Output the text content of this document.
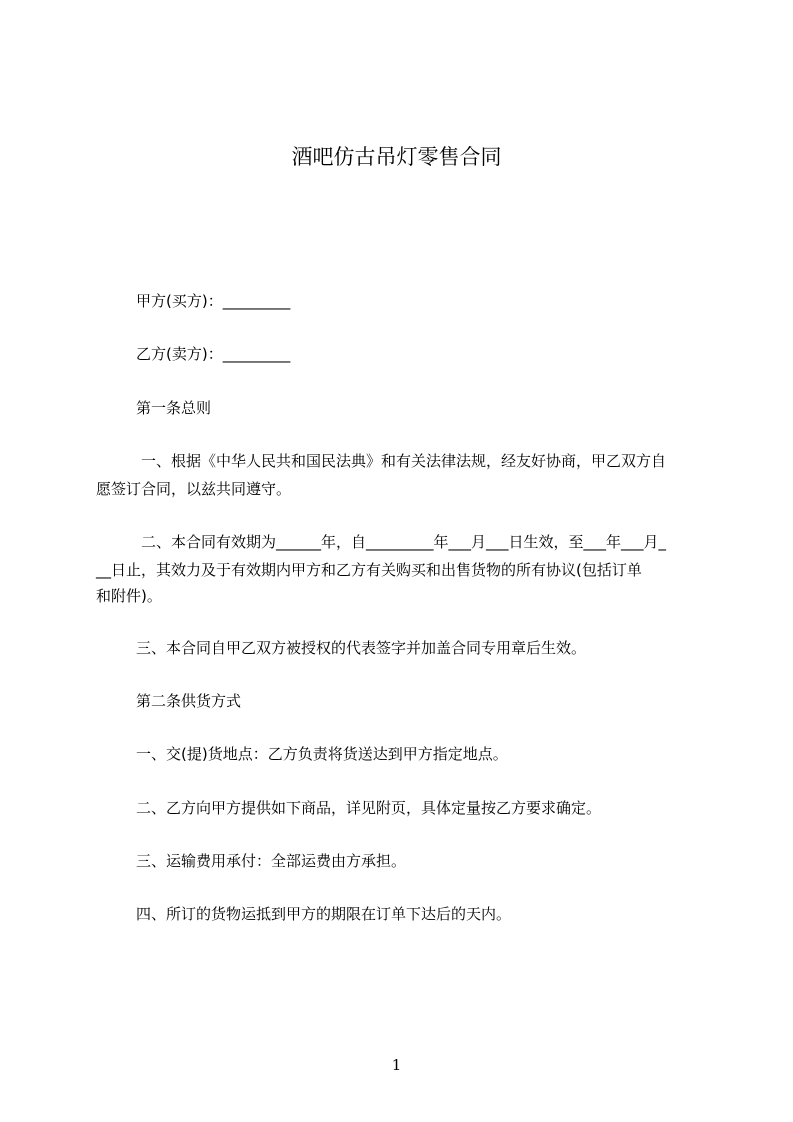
酒吧仿古吊灯零售合同

甲方(买方)：_________

乙方(卖方)：_________

第一条总则

一、根据《中华人民共和国民法典》和有关法律法规，经友好协商，甲乙双方自

愿签订合同，以兹共同遵守。

二、本合同有效期为______年，自_________年___月___日生效，至___年___月_

__日止，其效力及于有效期内甲方和乙方有关购买和出售货物的所有协议(包括订单

和附件)。

三、本合同自甲乙双方被授权的代表签字并加盖合同专用章后生效。

第二条供货方式

一、交(提)货地点：乙方负责将货送达到甲方指定地点。

二、乙方向甲方提供如下商品，详见附页，具体定量按乙方要求确定。

三、运输费用承付：全部运费由方承担。

四、所订的货物运抵到甲方的期限在订单下达后的天内。

1
